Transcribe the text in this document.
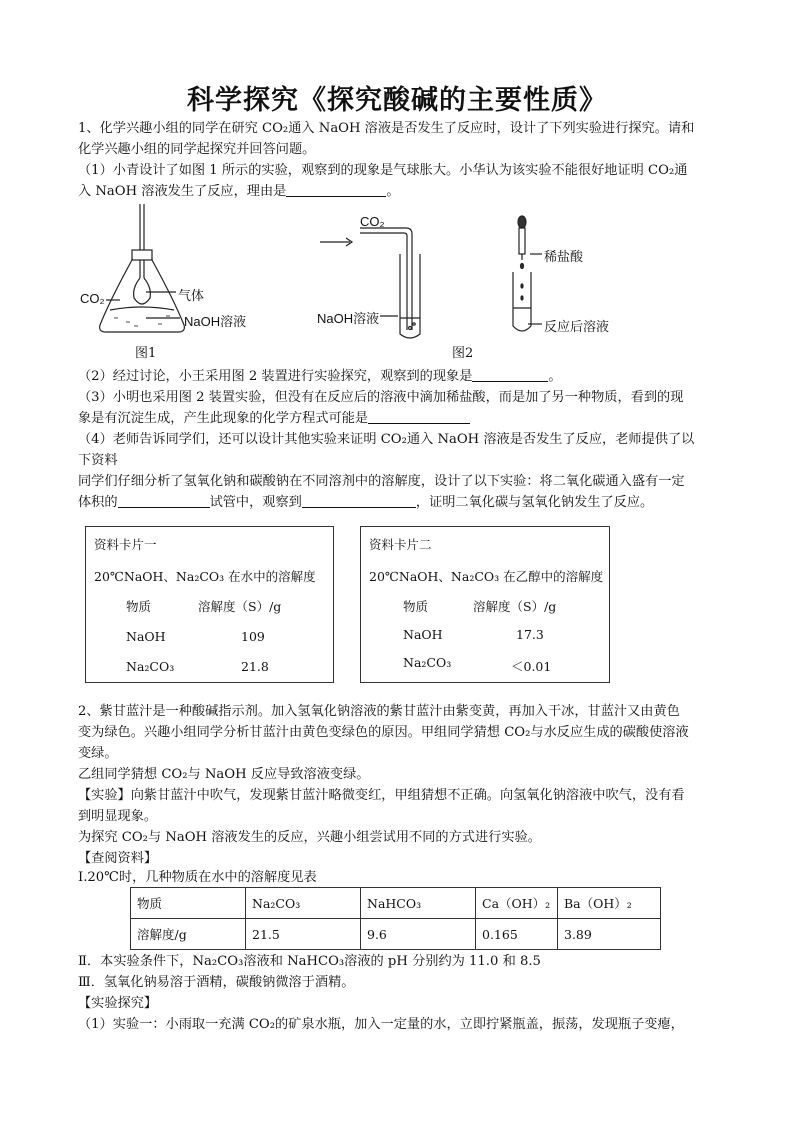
科学探究《探究酸碱的主要性质》
1、化学兴趣小组的同学在研究 CO₂通入 NaOH 溶液是否发生了反应时，设计了下列实验进行探究。请和
化学兴趣小组的同学起探究并回答问题。
（1）小青设计了如图 1 所示的实验，观察到的现象是气球胀大。小华认为该实验不能很好地证明 CO₂通
入 NaOH 溶液发生了反应，理由是	。
CO₂	气体
NaOH溶液
图1
CO₂
NaOH溶液
稀盐酸
反应后溶液
图2
（2）经过讨论，小王采用图 2 装置进行实验探究，观察到的现象是	。
（3）小明也采用图 2 装置实验，但没有在反应后的溶液中滴加稀盐酸，而是加了另一种物质，看到的现
象是有沉淀生成，产生此现象的化学方程式可能是
（4）老师告诉同学们，还可以设计其他实验来证明 CO₂通入 NaOH 溶液是否发生了反应，老师提供了以
下资料
同学们仔细分析了氢氧化钠和碳酸钠在不同溶剂中的溶解度，设计了以下实验：将二氧化碳通入盛有一定
体积的	试管中，观察到	，证明二氧化碳与氢氧化钠发生了反应。
资料卡片一
20℃NaOH、Na₂CO₃ 在水中的溶解度
物质	溶解度（S）/g
NaOH	109
Na₂CO₃	21.8
资料卡片二
20℃NaOH、Na₂CO₃ 在乙醇中的溶解度
物质	溶解度（S）/g
NaOH	17.3
Na₂CO₃	＜0.01
2、紫甘蓝汁是一种酸碱指示剂。加入氢氧化钠溶液的紫甘蓝汁由紫变黄，再加入干冰，甘蓝汁又由黄色
变为绿色。兴趣小组同学分析甘蓝汁由黄色变绿色的原因。甲组同学猜想 CO₂与水反应生成的碳酸使溶液
变绿。
乙组同学猜想 CO₂与 NaOH 反应导致溶液变绿。
【实验】向紫甘蓝汁中吹气，发现紫甘蓝汁略微变红，甲组猜想不正确。向氢氧化钠溶液中吹气，没有看
到明显现象。
为探究 CO₂与 NaOH 溶液发生的反应，兴趣小组尝试用不同的方式进行实验。
【查阅资料】
Ⅰ.20℃时，几种物质在水中的溶解度见表
物质	Na₂CO₃	NaHCO₃	Ca（OH）₂	Ba（OH）₂
溶解度/g	21.5	9.6	0.165	3.89
Ⅱ．本实验条件下，Na₂CO₃溶液和 NaHCO₃溶液的 pH 分别约为 11.0 和 8.5
Ⅲ．氢氧化钠易溶于酒精，碳酸钠微溶于酒精。
【实验探究】
（1）实验一：小雨取一充满 CO₂的矿泉水瓶，加入一定量的水，立即拧紧瓶盖，振荡，发现瓶子变瘪，
